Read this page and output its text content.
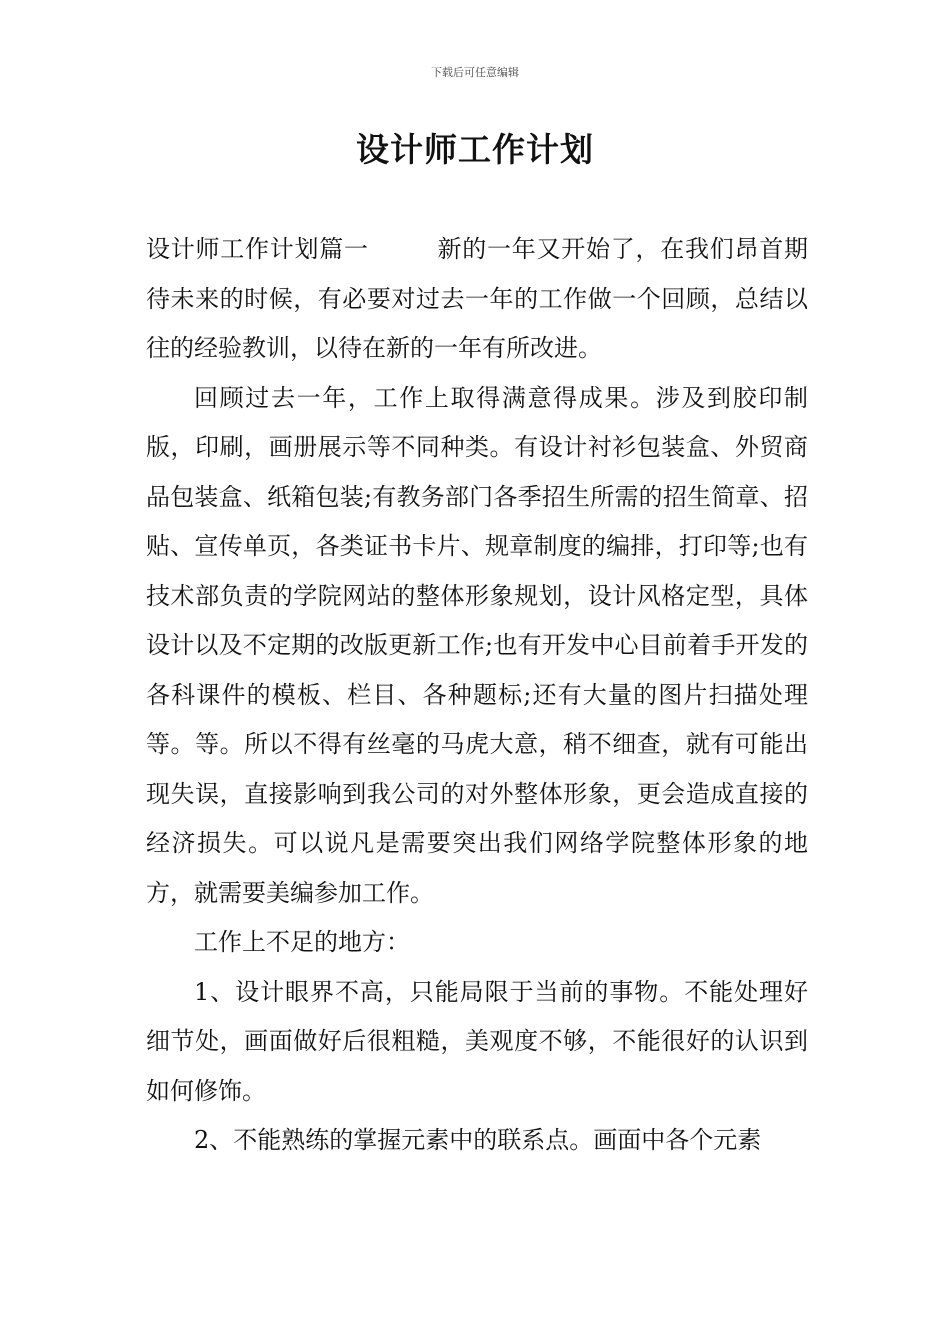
下载后可任意编辑
设计师工作计划

设计师工作计划篇一	新的一年又开始了，在我们昂首期待未来的时候，有必要对过去一年的工作做一个回顾，总结以往的经验教训，以待在新的一年有所改进。

回顾过去一年，工作上取得满意得成果。涉及到胶印制版，印刷，画册展示等不同种类。有设计衬衫包装盒、外贸商品包装盒、纸箱包装;有教务部门各季招生所需的招生简章、招贴、宣传单页，各类证书卡片、规章制度的编排，打印等;也有技术部负责的学院网站的整体形象规划，设计风格定型，具体设计以及不定期的改版更新工作;也有开发中心目前着手开发的各科课件的模板、栏目、各种题标;还有大量的图片扫描处理等。等。所以不得有丝毫的马虎大意，稍不细查，就有可能出现失误，直接影响到我公司的对外整体形象，更会造成直接的经济损失。可以说凡是需要突出我们网络学院整体形象的地方，就需要美编参加工作。

工作上不足的地方：

1、设计眼界不高，只能局限于当前的事物。不能处理好细节处，画面做好后很粗糙，美观度不够，不能很好的认识到如何修饰。

2、不能熟练的掌握元素中的联系点。画面中各个元素
